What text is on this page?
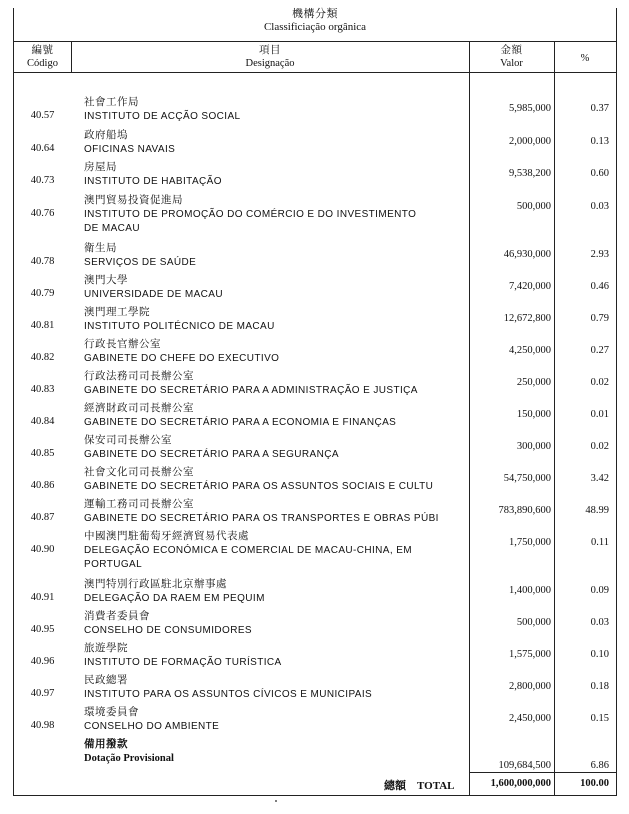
機構分類
Classificiação orgânica
編號
Código
項目
Designação
金額
Valor	%
40.57
社會工作局
INSTITUTO DE ACÇÃO SOCIAL
5,985,000	0.37
40.64
政府船塢
OFICINAS NAVAIS
2,000,000	0.13
40.73
房屋局
INSTITUTO DE HABITAÇÃO
9,538,200	0.60
40.76
澳門貿易投資促進局
INSTITUTO DE PROMOÇÃO DO COMÉRCIO E DO INVESTIMENTO
DE MACAU
500,000	0.03
40.78
衛生局
SERVIÇOS DE SAÚDE
46,930,000	2.93
40.79
澳門大學
UNIVERSIDADE DE MACAU
7,420,000	0.46
40.81
澳門理工學院
INSTITUTO POLITÉCNICO DE MACAU
12,672,800	0.79
40.82
行政長官辦公室
GABINETE DO CHEFE DO EXECUTIVO
4,250,000	0.27
40.83
行政法務司司長辦公室
GABINETE DO SECRETÁRIO PARA A ADMINISTRAÇÃO E JUSTIÇA
250,000	0.02
40.84
經濟財政司司長辦公室
GABINETE DO SECRETÁRIO PARA A ECONOMIA E FINANÇAS
150,000	0.01
40.85
保安司司長辦公室
GABINETE DO SECRETÁRIO PARA A SEGURANÇA
300,000	0.02
40.86
社會文化司司長辦公室
GABINETE DO SECRETÁRIO PARA OS ASSUNTOS SOCIAIS E CULTU
54,750,000	3.42
40.87
運輸工務司司長辦公室
GABINETE DO SECRETÁRIO PARA OS TRANSPORTES E OBRAS PÚBI
783,890,600	48.99
40.90
中國澳門駐葡萄牙經濟貿易代表處
DELEGAÇÃO ECONÓMICA E COMERCIAL DE MACAU-CHINA, EM
PORTUGAL
1,750,000	0.11
40.91
澳門特別行政區駐北京辦事處
DELEGAÇÃO DA RAEM EM PEQUIM
1,400,000	0.09
40.95
消費者委員會
CONSELHO DE CONSUMIDORES
500,000	0.03
40.96
旅遊學院
INSTITUTO DE FORMAÇÃO TURÍSTICA
1,575,000	0.10
40.97
民政總署
INSTITUTO PARA OS ASSUNTOS CÍVICOS E MUNICIPAIS
2,800,000	0.18
40.98
環境委員會
CONSELHO DO AMBIENTE
2,450,000	0.15
備用撥款
Dotação Provisional
109,684,500	6.86
總額 TOTAL	1,600,000,000	100.00
